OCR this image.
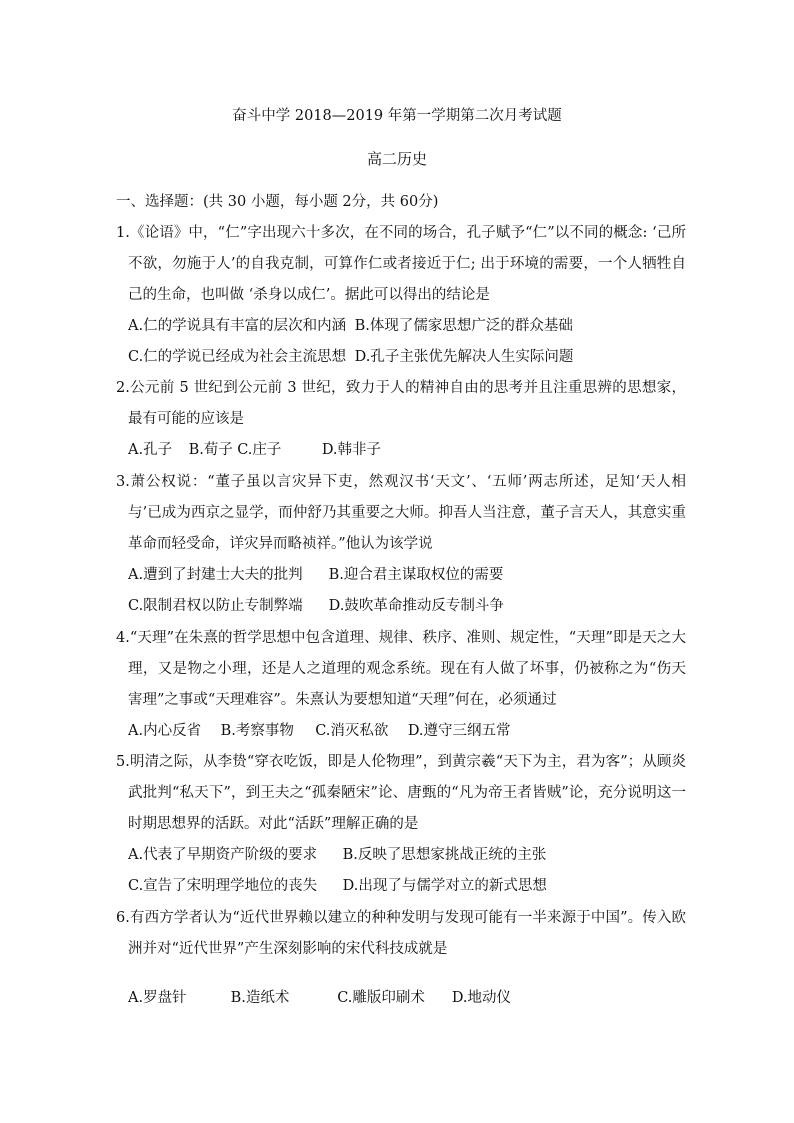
奋斗中学 2018—2019 年第一学期第二次月考试题
高二历史
一、选择题：(共 30 小题，每小题 2分，共 60分)

1.《论语》中，“仁”字出现六十多次，在不同的场合，孔子赋予“仁”以不同的概念: ‘己所不欲，勿施于人’的自我克制，可算作仁或者接近于仁; 出于环境的需要，一个人牺牲自己的生命，也叫做 ‘杀身以成仁’。据此可以得出的结论是

A.仁的学说具有丰富的层次和内涵 B.体现了儒家思想广泛的群众基础
C.仁的学说已经成为社会主流思想 D.孔子主张优先解决人生实际问题

2.公元前 5 世纪到公元前 3 世纪，致力于人的精神自由的思考并且注重思辨的思想家，最有可能的应该是

A.孔子 B.荀子 C.庄子	D.韩非子

3.萧公权说：“董子虽以言灾异下吏，然观汉书‘天文’、‘五师’两志所述，足知‘天人相与’已成为西京之显学，而仲舒乃其重要之大师。抑吾人当注意，董子言天人，其意实重革命而轻受命，详灾异而略祯祥。”他认为该学说

A.遭到了封建士大夫的批判 B.迎合君主谋取权位的需要
C.限制君权以防止专制弊端 D.鼓吹革命推动反专制斗争

4.“天理”在朱熹的哲学思想中包含道理、规律、秩序、准则、规定性，“天理”即是天之大理，又是物之小理，还是人之道理的观念系统。现在有人做了坏事，仍被称之为“伤天害理”之事或“天理难容”。朱熹认为要想知道“天理”何在，必须通过

A.内心反省 B.考察事物 C.消灭私欲 D.遵守三纲五常

5.明清之际，从李贽“穿衣吃饭，即是人伦物理”，到黄宗羲“天下为主，君为客”；从顾炎武批判“私天下”，到王夫之“孤秦陋宋”论、唐甄的“凡为帝王者皆贼”论，充分说明这一时期思想界的活跃。对此“活跃”理解正确的是

A.代表了早期资产阶级的要求 B.反映了思想家挑战正统的主张
C.宣告了宋明理学地位的丧失 D.出现了与儒学对立的新式思想

6.有西方学者认为“近代世界赖以建立的种种发明与发现可能有一半来源于中国”。传入欧洲并对“近代世界”产生深刻影响的宋代科技成就是

A.罗盘针	B.造纸术	C.雕版印刷术 D.地动仪
